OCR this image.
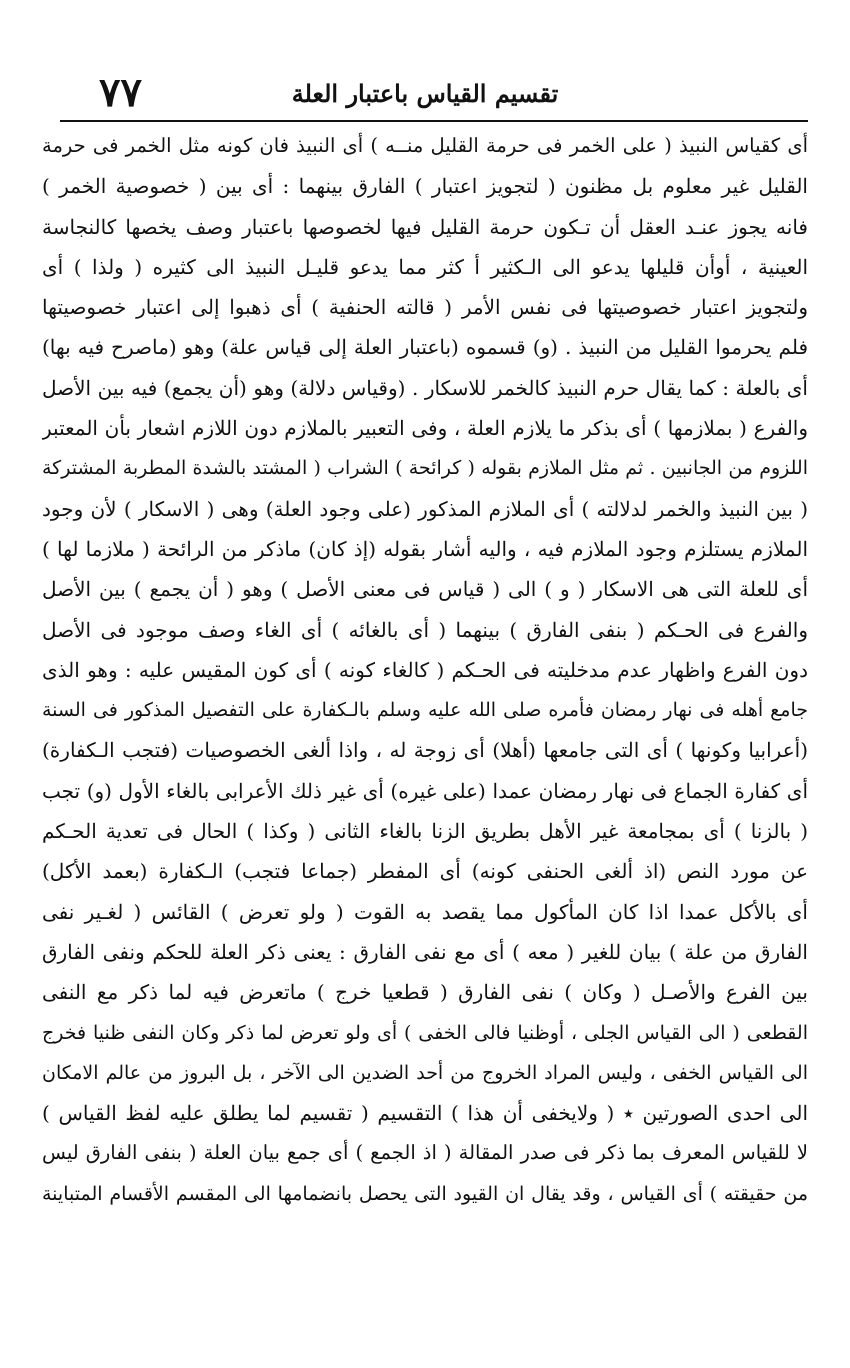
٧٧	تقسيم القياس باعتبار العلة
أى كقياس النبيذ ( على الخمر فى حرمة القليل منــه ) أى النبيذ فان كونه مثل الخمر فى حرمة
القليل غير معلوم بل مظنون ( لتجويز اعتبار ) الفارق بينهما : أى بين ( خصوصية الخمر )
فانه يجوز عنـد العقل أن تـكون حرمة القليل فيها لخصوصها باعتبار وصف يخصها كالنجاسة
العينية ، أوأن قليلها يدعو الى الـكثير أ كثر مما يدعو قليـل النبيذ الى كثيره ( ولذا ) أى
ولتجويز اعتبار خصوصيتها فى نفس الأمر ( قالته الحنفية ) أى ذهبوا إلى اعتبار خصوصيتها
فلم يحرموا القليل من النبيذ . (و) قسموه (باعتبار العلة إلى قياس علة) وهو (ماصرح فيه بها)
أى بالعلة : كما يقال حرم النبيذ كالخمر للاسكار . (وقياس دلالة) وهو (أن يجمع) فيه بين الأصل
والفرع ( بملازمها ) أى بذكر ما يلازم العلة ، وفى التعبير بالملازم دون اللازم اشعار بأن المعتبر
اللزوم من الجانبين . ثم مثل الملازم بقوله ( كرائحة ) الشراب ( المشتد بالشدة المطربة المشتركة
( بين النبيذ والخمر لدلالته ) أى الملازم المذكور (على وجود العلة) وهى ( الاسكار ) لأن وجود
الملازم يستلزم وجود الملازم فيه ، واليه أشار بقوله (إذ كان) ماذكر من الرائحة ( ملازما لها )
أى للعلة التى هى الاسكار ( و ) الى ( قياس فى معنى الأصل ) وهو ( أن يجمع ) بين الأصل
والفرع فى الحـكم ( بنفى الفارق ) بينهما ( أى بالغائه ) أى الغاء وصف موجود فى الأصل
دون الفرع واظهار عدم مدخليته فى الحـكم ( كالغاء كونه ) أى كون المقيس عليه : وهو الذى
جامع أهله فى نهار رمضان فأمره صلى الله عليه وسلم بالـكفارة على التفصيل المذكور فى السنة
(أعرابيا وكونها ) أى التى جامعها (أهلا) أى زوجة له ، واذا ألغى الخصوصيات (فتجب الـكفارة)
أى كفارة الجماع فى نهار رمضان عمدا (على غيره) أى غير ذلك الأعرابى بالغاء الأول (و) تجب
( بالزنا ) أى بمجامعة غير الأهل بطريق الزنا بالغاء الثانى ( وكذا ) الحال فى تعدية الحـكم
عن مورد النص (اذ ألغى الحنفى كونه) أى المفطر (جماعا فتجب) الـكفارة (بعمد الأكل)
أى بالأكل عمدا اذا كان المأكول مما يقصد به القوت ( ولو تعرض ) القائس ( لغـير نفى
الفارق من علة ) بيان للغير ( معه ) أى مع نفى الفارق : يعنى ذكر العلة للحكم ونفى الفارق
بين الفرع والأصـل ( وكان ) نفى الفارق ( قطعيا خرج ) ماتعرض فيه لما ذكر مع النفى
القطعى ( الى القياس الجلى ، أوظنيا فالى الخفى ) أى ولو تعرض لما ذكر وكان النفى ظنيا فخرج
الى القياس الخفى ، وليس المراد الخروج من أحد الضدين الى الآخر ، بل البروز من عالم الامكان
الى احدى الصورتين ٭ ( ولايخفى أن هذا ) التقسيم ( تقسيم لما يطلق عليه لفظ القياس )
لا للقياس المعرف بما ذكر فى صدر المقالة ( اذ الجمع ) أى جمع بيان العلة ( بنفى الفارق ليس
من حقيقته ) أى القياس ، وقد يقال ان القيود التى يحصل بانضمامها الى المقسم الأقسام المتباينة
